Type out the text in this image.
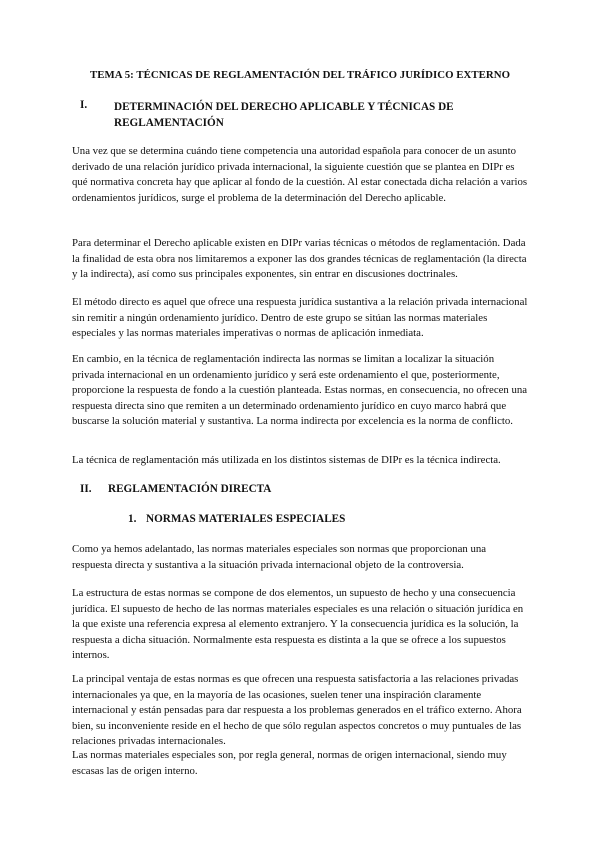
TEMA 5: TÉCNICAS DE REGLAMENTACIÓN DEL TRÁFICO JURÍDICO EXTERNO
I. DETERMINACIÓN DEL DERECHO APLICABLE Y TÉCNICAS DE REGLAMENTACIÓN

Una vez que se determina cuándo tiene competencia una autoridad española para conocer de un asunto derivado de una relación jurídico privada internacional, la siguiente cuestión que se plantea en DIPr es qué normativa concreta hay que aplicar al fondo de la cuestión. Al estar conectada dicha relación a varios ordenamientos jurídicos, surge el problema de la determinación del Derecho aplicable.

Para determinar el Derecho aplicable existen en DIPr varias técnicas o métodos de reglamentación. Dada la finalidad de esta obra nos limitaremos a exponer las dos grandes técnicas de reglamentación (la directa y la indirecta), así como sus principales exponentes, sin entrar en discusiones doctrinales.

El método directo es aquel que ofrece una respuesta jurídica sustantiva a la relación privada internacional sin remitir a ningún ordenamiento jurídico. Dentro de este grupo se sitúan las normas materiales especiales y las normas materiales imperativas o normas de aplicación inmediata.

En cambio, en la técnica de reglamentación indirecta las normas se limitan a localizar la situación privada internacional en un ordenamiento jurídico y será este ordenamiento el que, posteriormente, proporcione la respuesta de fondo a la cuestión planteada. Estas normas, en consecuencia, no ofrecen una respuesta directa sino que remiten a un determinado ordenamiento jurídico en cuyo marco habrá que buscarse la solución material y sustantiva. La norma indirecta por excelencia es la norma de conflicto.

La técnica de reglamentación más utilizada en los distintos sistemas de DIPr es la técnica indirecta.

II. REGLAMENTACIÓN DIRECTA
1. NORMAS MATERIALES ESPECIALES

Como ya hemos adelantado, las normas materiales especiales son normas que proporcionan una respuesta directa y sustantiva a la situación privada internacional objeto de la controversia.

La estructura de estas normas se compone de dos elementos, un supuesto de hecho y una consecuencia jurídica. El supuesto de hecho de las normas materiales especiales es una relación o situación jurídica en la que existe una referencia expresa al elemento extranjero. Y la consecuencia jurídica es la solución, la respuesta a dicha situación. Normalmente esta respuesta es distinta a la que se ofrece a los supuestos internos.

La principal ventaja de estas normas es que ofrecen una respuesta satisfactoria a las relaciones privadas internacionales ya que, en la mayoría de las ocasiones, suelen tener una inspiración claramente internacional y están pensadas para dar respuesta a los problemas generados en el tráfico externo. Ahora bien, su inconveniente reside en el hecho de que sólo regulan aspectos concretos o muy puntuales de las relaciones privadas internacionales.

Las normas materiales especiales son, por regla general, normas de origen internacional, siendo muy escasas las de origen interno.
